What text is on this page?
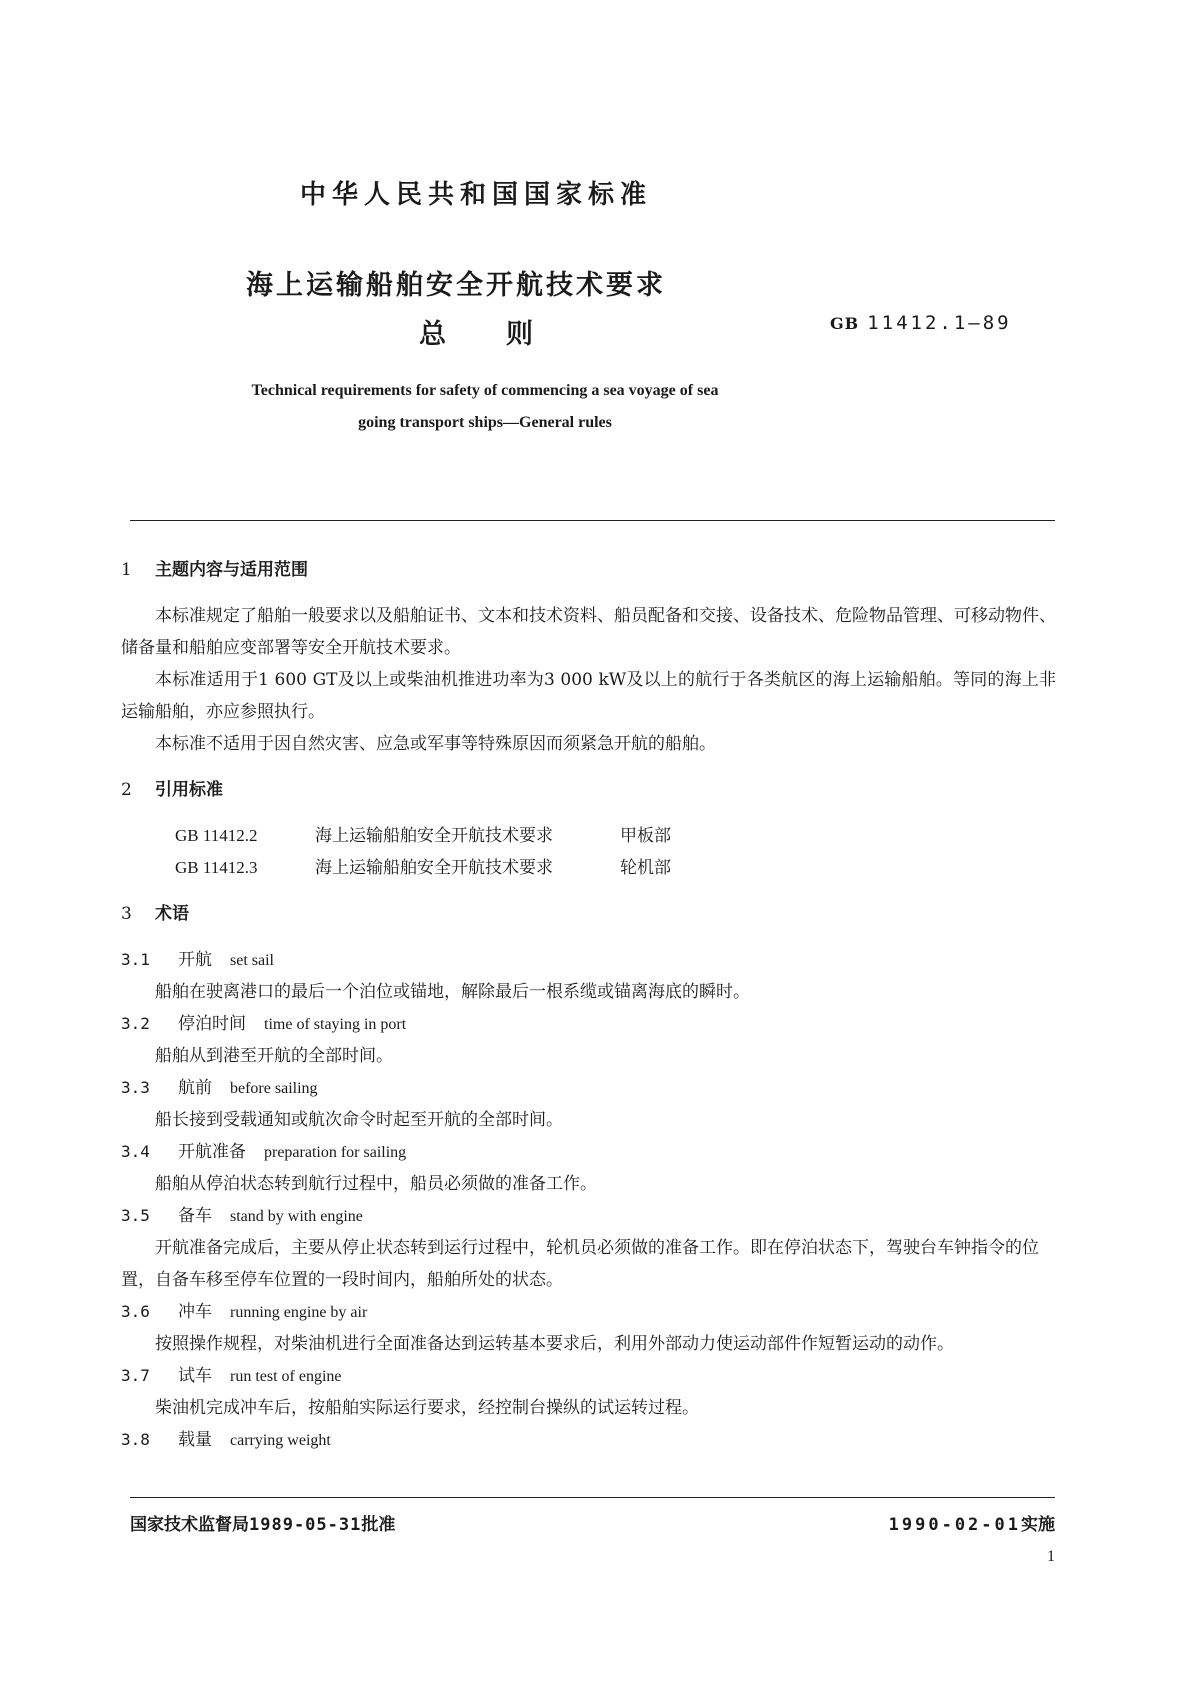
中华人民共和国国家标准
海上运输船舶安全开航技术要求
总则	GB 11412.1—89
Technical requirements for safety of commencing a sea voyage of sea going transport ships—General rules
1 主题内容与适用范围

本标准规定了船舶一般要求以及船舶证书、文本和技术资料、船员配备和交接、设备技术、危险物品管理、可移动物件、储备量和船舶应变部署等安全开航技术要求。

本标准适用于1 600 GT及以上或柴油机推进功率为3 000 kW及以上的航行于各类航区的海上运输船舶。等同的海上非运输船舶，亦应参照执行。

本标准不适用于因自然灾害、应急或军事等特殊原因而须紧急开航的船舶。

2 引用标准

GB 11412.2	海上运输船舶安全开航技术要求	甲板部

GB 11412.3	海上运输船舶安全开航技术要求	轮机部

3 术语

3.1 开航 set sail

船舶在驶离港口的最后一个泊位或锚地，解除最后一根系缆或锚离海底的瞬时。

3.2 停泊时间 time of staying in port

船舶从到港至开航的全部时间。

3.3 航前 before sailing

船长接到受载通知或航次命令时起至开航的全部时间。

3.4 开航准备 preparation for sailing

船舶从停泊状态转到航行过程中，船员必须做的准备工作。

3.5 备车 stand by with engine

开航准备完成后，主要从停止状态转到运行过程中，轮机员必须做的准备工作。即在停泊状态下，驾驶台车钟指令的位置，自备车移至停车位置的一段时间内，船舶所处的状态。

3.6 冲车 running engine by air

按照操作规程，对柴油机进行全面准备达到运转基本要求后，利用外部动力使运动部件作短暂运动的动作。

3.7 试车 run test of engine

柴油机完成冲车后，按船舶实际运行要求，经控制台操纵的试运转过程。

3.8 载量 carrying weight

国家技术监督局1989-05-31批准	1990-02-01实施
1
